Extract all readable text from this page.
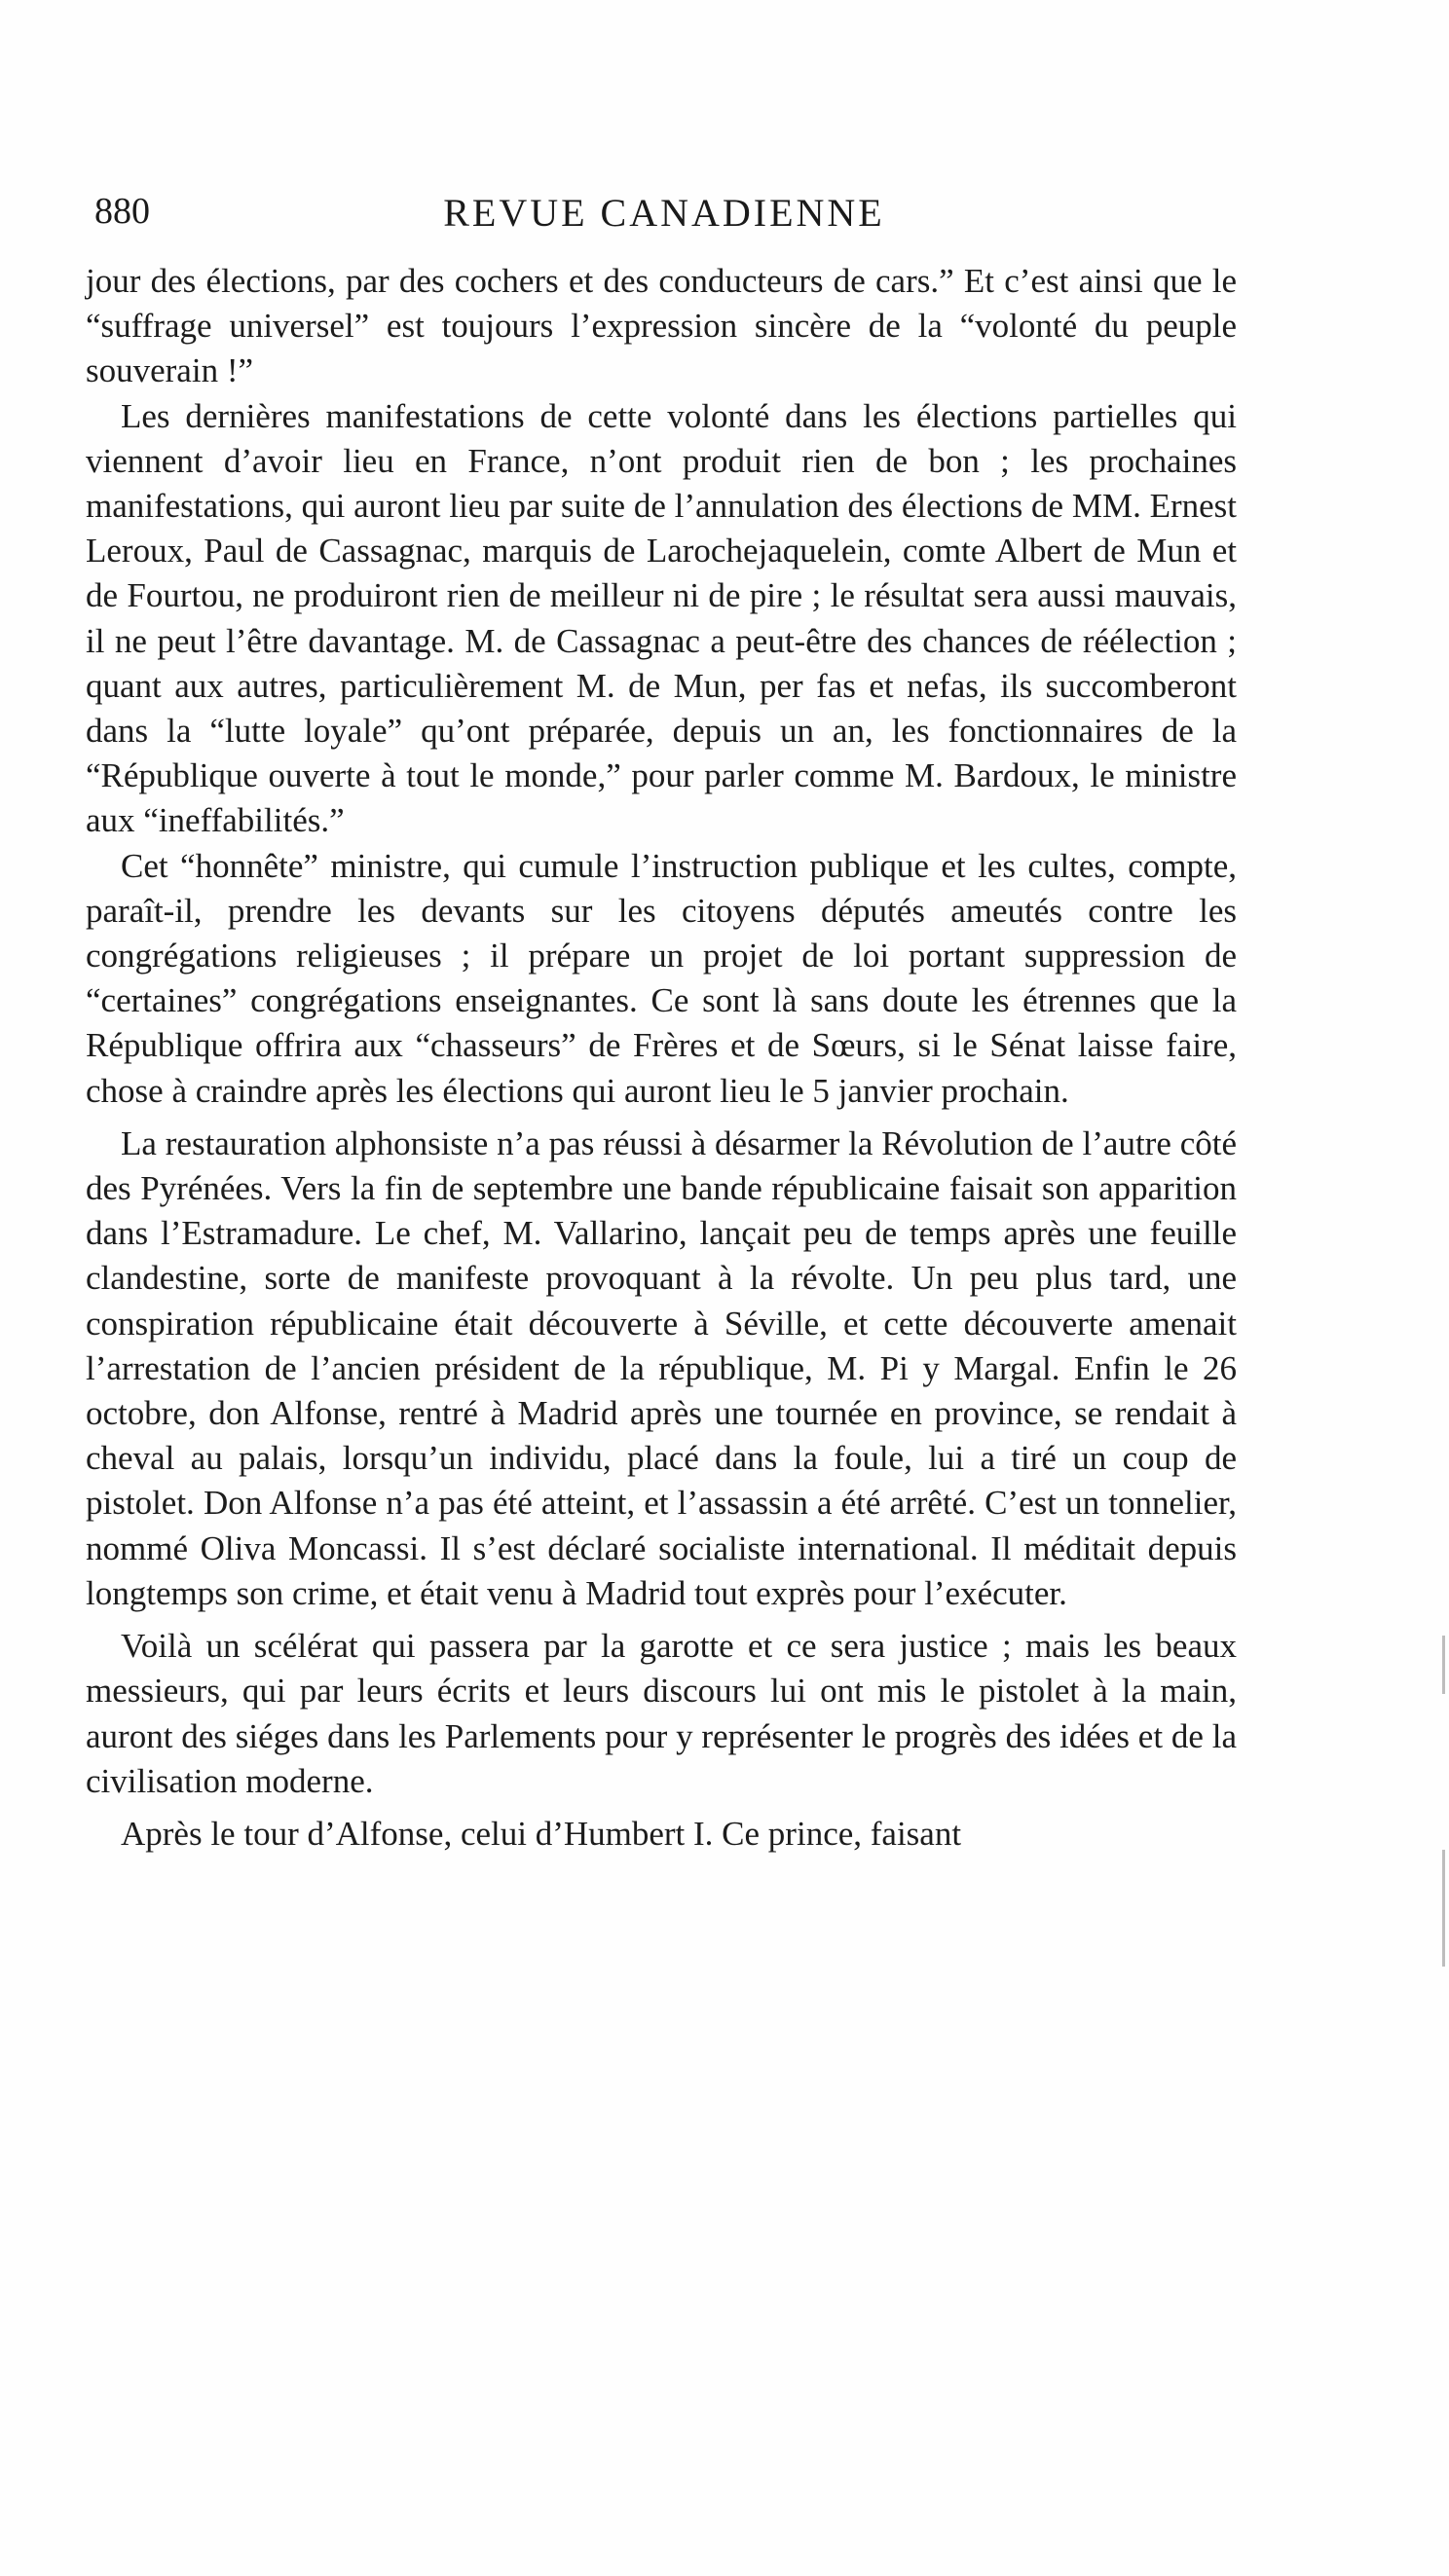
880	REVUE CANADIENNE

jour des élections, par des cochers et des conducteurs de cars.” Et c’est ainsi que le “suffrage universel” est toujours l’expression sincère de la “volonté du peuple souverain !”

Les dernières manifestations de cette volonté dans les élections partielles qui viennent d’avoir lieu en France, n’ont produit rien de bon ; les prochaines manifestations, qui auront lieu par suite de l’annulation des élections de MM. Ernest Leroux, Paul de Cassagnac, marquis de Larochejaquelein, comte Albert de Mun et de Fourtou, ne produiront rien de meilleur ni de pire ; le résultat sera aussi mauvais, il ne peut l’être davantage. M. de Cassagnac a peut-être des chances de réélection ; quant aux autres, particulièrement M. de Mun, per fas et nefas, ils succomberont dans la “lutte loyale” qu’ont préparée, depuis un an, les fonctionnaires de la “République ouverte à tout le monde,” pour parler comme M. Bardoux, le ministre aux “ineffabilités.”

Cet “honnête” ministre, qui cumule l’instruction publique et les cultes, compte, paraît-il, prendre les devants sur les citoyens députés ameutés contre les congrégations religieuses ; il prépare un projet de loi portant suppression de “certaines” congrégations enseignantes. Ce sont là sans doute les étrennes que la République offrira aux “chasseurs” de Frères et de Sœurs, si le Sénat laisse faire, chose à craindre après les élections qui auront lieu le 5 janvier prochain.

La restauration alphonsiste n’a pas réussi à désarmer la Révolution de l’autre côté des Pyrénées. Vers la fin de septembre une bande républicaine faisait son apparition dans l’Estramadure. Le chef, M. Vallarino, lançait peu de temps après une feuille clandestine, sorte de manifeste provoquant à la révolte. Un peu plus tard, une conspiration républicaine était découverte à Séville, et cette découverte amenait l’arrestation de l’ancien président de la république, M. Pi y Margal. Enfin le 26 octobre, don Alfonse, rentré à Madrid après une tournée en province, se rendait à cheval au palais, lorsqu’un individu, placé dans la foule, lui a tiré un coup de pistolet. Don Alfonse n’a pas été atteint, et l’assassin a été arrêté. C’est un tonnelier, nommé Oliva Moncassi. Il s’est déclaré socialiste international. Il méditait depuis longtemps son crime, et était venu à Madrid tout exprès pour l’exécuter.

Voilà un scélérat qui passera par la garotte et ce sera justice ; mais les beaux messieurs, qui par leurs écrits et leurs discours lui ont mis le pistolet à la main, auront des siéges dans les Parlements pour y représenter le progrès des idées et de la civilisation moderne.

Après le tour d’Alfonse, celui d’Humbert I. Ce prince, faisant
